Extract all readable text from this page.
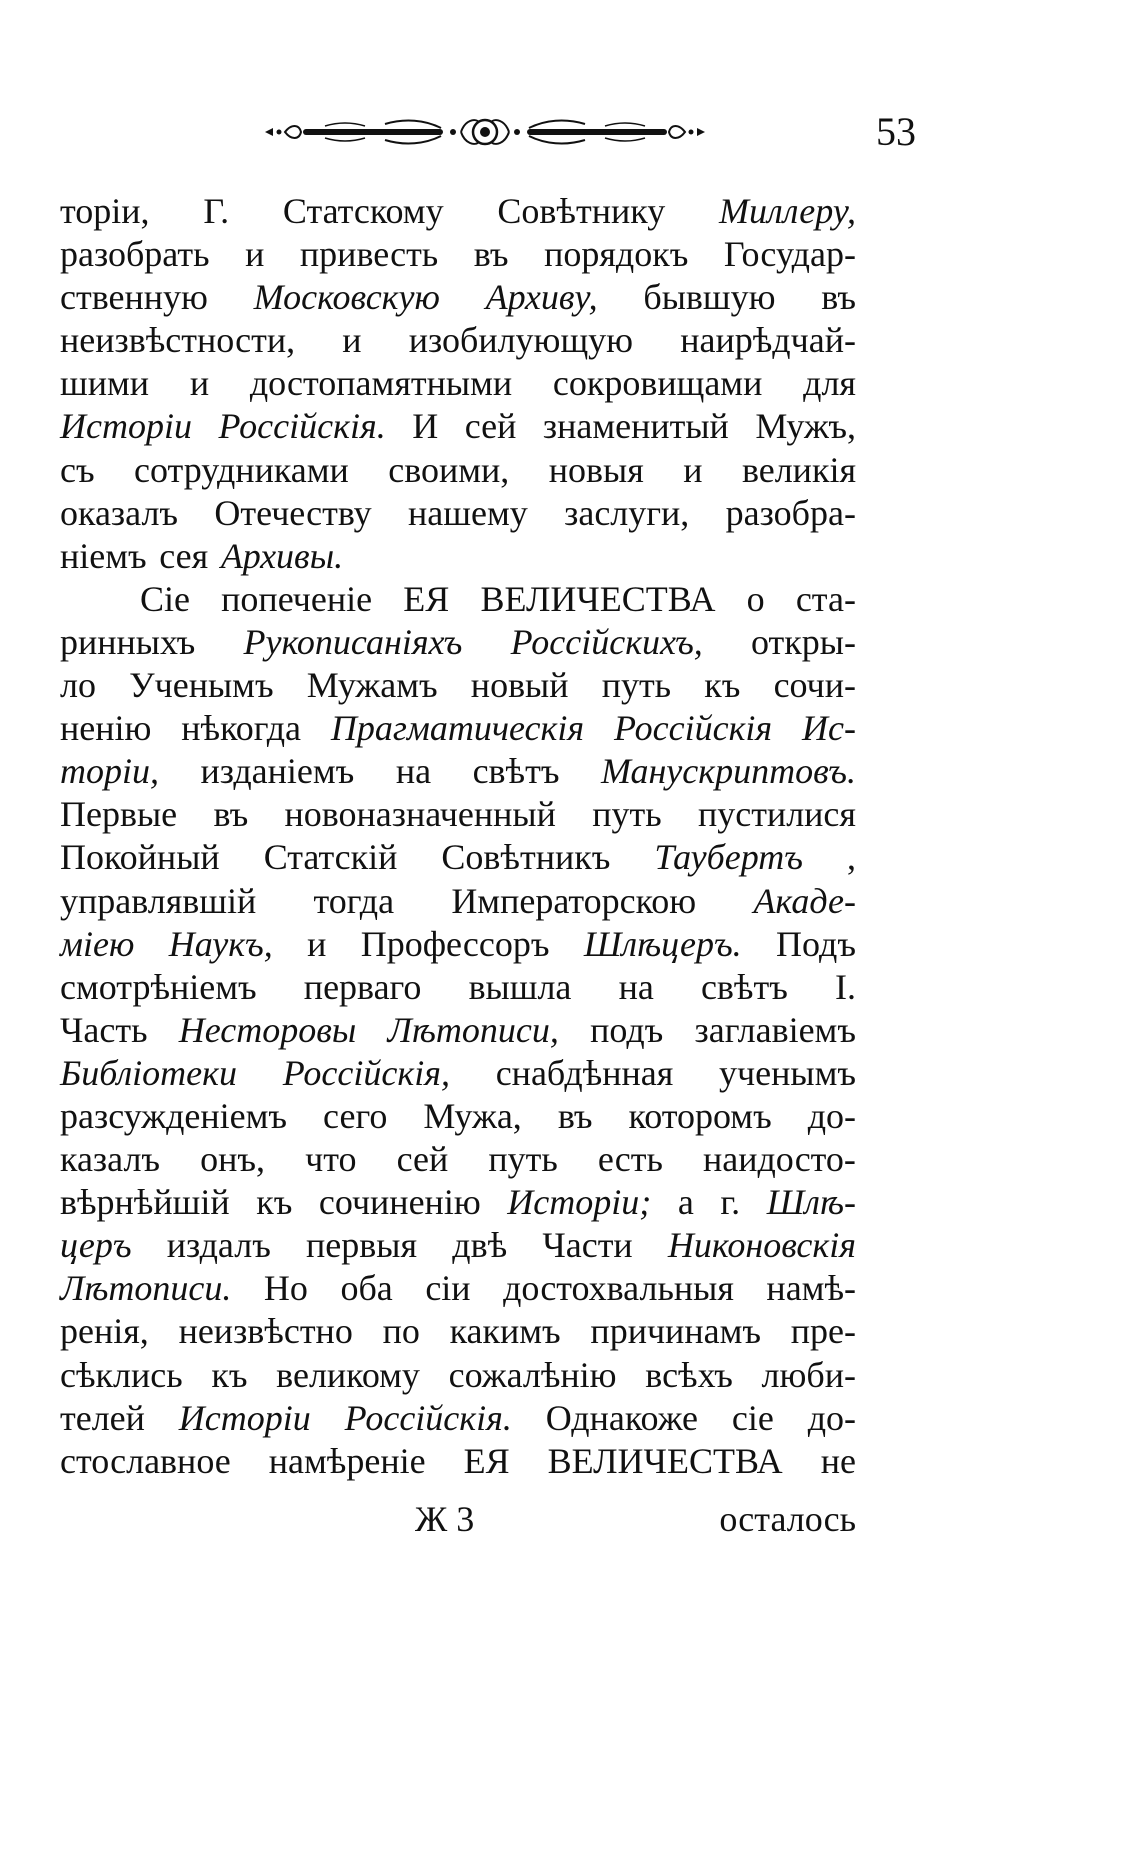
53
торіи, Г. Статскому Совѣтнику Миллеру,
разобрать и привесть въ порядокъ Государ-
ственную Московскую Архиву, бывшую въ
неизвѣстности, и изобилующую наирѣдчай-
шими и достопамятными сокровищами для
Исторіи Россійскія. И сей знаменитый Мужъ,
съ сотрудниками своими, новыя и великія
оказалъ Отечеству нашему заслуги, разобра-
ніемъ сея Архивы.
Сіе попеченіе ЕЯ ВЕЛИЧЕСТВА о ста-
ринныхъ Рукописаніяхъ Россійскихъ, откры-
ло Ученымъ Мужамъ новый путь къ сочи-
ненію нѣкогда Прагматическія Россійскія Ис-
торіи, изданіемъ на свѣтъ Манускриптовъ.
Первые въ новоназначенный путь пустилися
Покойный Статскій Совѣтникъ Таубертъ ,
управлявшій тогда Императорскою Акаде-
міею Наукъ, и Профессоръ Шлѣцеръ. Подъ
смотрѣніемъ перваго вышла на свѣтъ I.
Часть Несторовы Лѣтописи, подъ заглавіемъ
Библіотеки Россійскія, снабдѣнная ученымъ
разсужденіемъ сего Мужа, въ которомъ до-
казалъ онъ, что сей путь есть наидосто-
вѣрнѣйшій къ сочиненію Исторіи; а г. Шлѣ-
церъ издалъ первыя двѣ Части Никоновскія
Лѣтописи. Но оба сіи достохвальныя намѣ-
ренія, неизвѣстно по какимъ причинамъ пре-
сѣклись къ великому сожалѣнію всѣхъ люби-
телей Исторіи Россійскія. Однакоже сіе до-
стославное намѣреніе ЕЯ ВЕЛИЧЕСТВА не
Ж 3	осталось
